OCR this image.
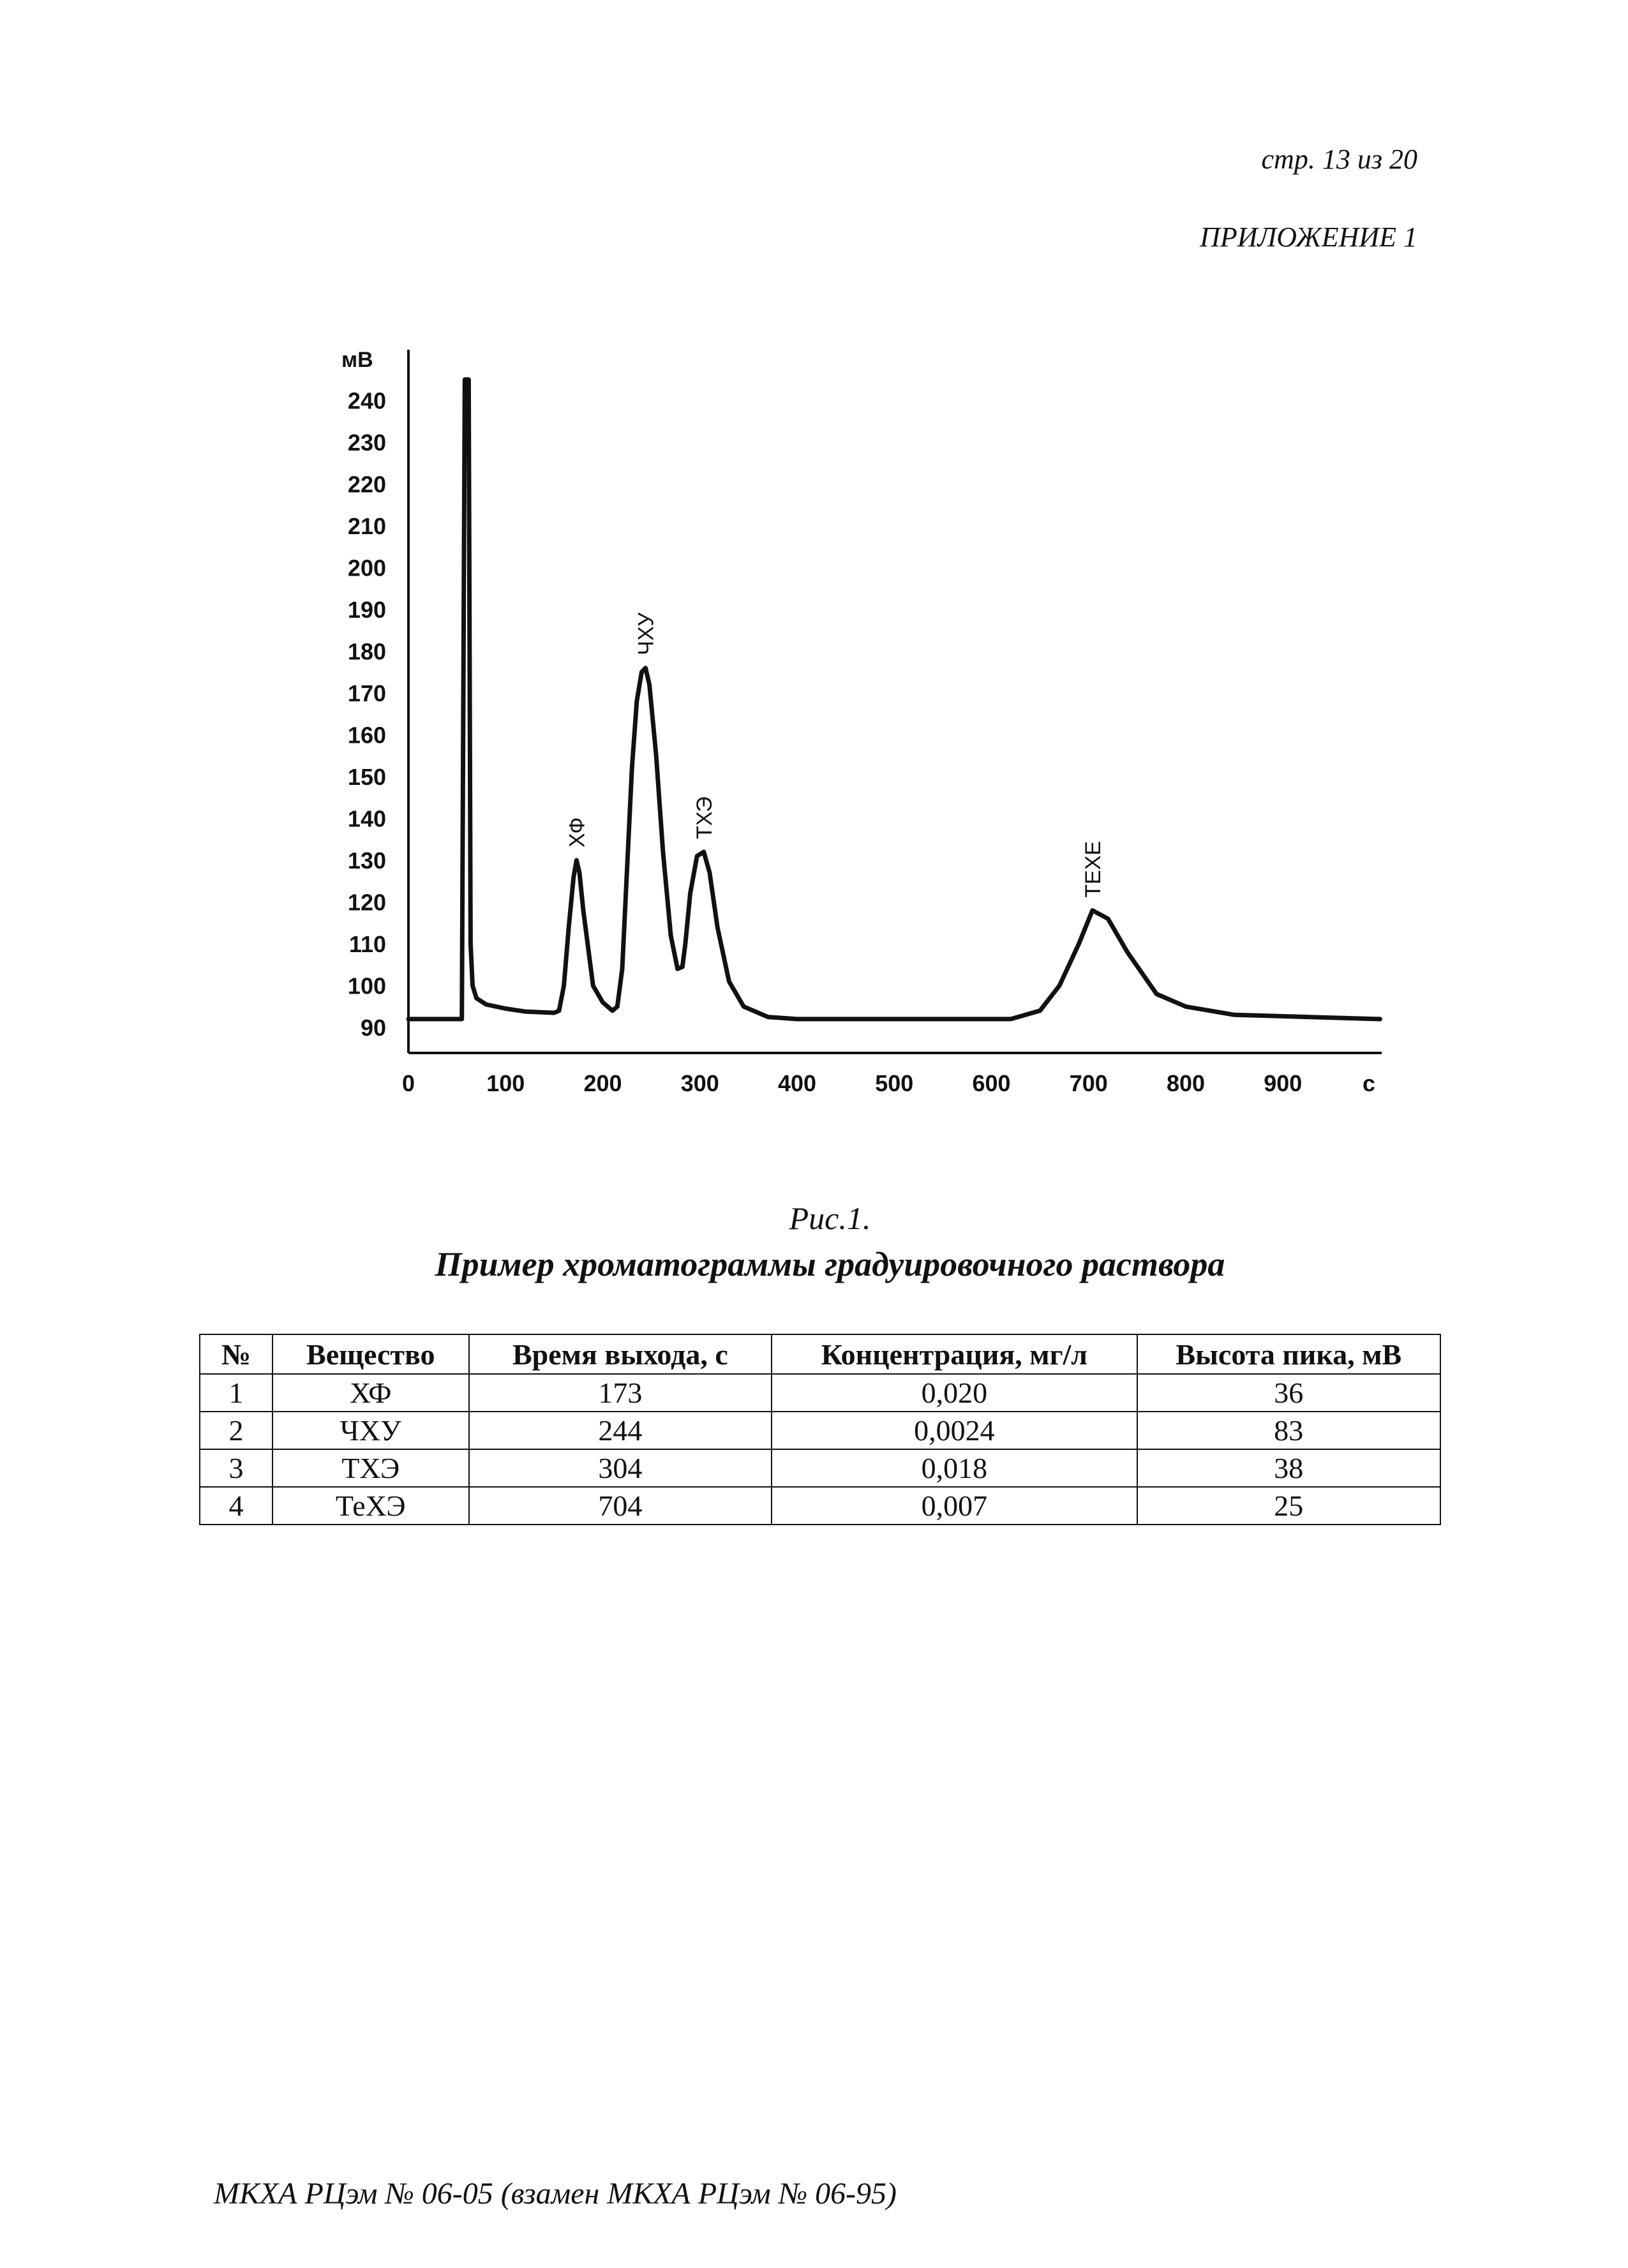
стр. 13 из 20
ПРИЛОЖЕНИЕ 1
мВ
90
100
110
120
130
140
150
160
170
180
190
200
210
220
230
240
0	100	200	300	400	500	600	700	800	900	с
ХФ
ЧХУ
ТХЭ
TEXE
Рис.1.
Пример хроматограммы градуировочного раствора
№	Вещество	Время выхода, с	Концентрация, мг/л	Высота пика, мВ
1	ХФ	173	0,020	36
2	ЧХУ	244	0,0024	83
3	ТХЭ	304	0,018	38
4	ТеХЭ	704	0,007	25
МКХА РЦэм № 06-05 (взамен МКХА РЦэм № 06-95)
